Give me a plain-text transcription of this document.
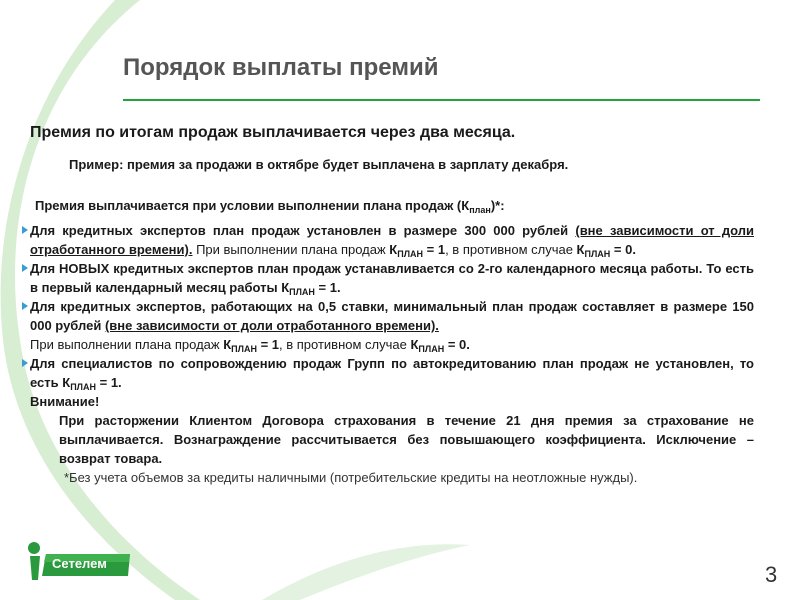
Порядок выплаты премий
Премия по итогам продаж выплачивается через два месяца.
Пример: премия за продажи в октябре будет выплачена в зарплату декабря.
Премия выплачивается при условии выполнении плана продаж $(К_{план})*$:
Для кредитных экспертов план продаж установлен в размере 300 000 рублей (вне зависимости от доли отработанного времени). При выполнении плана продаж $К_{ПЛАН} = 1$, в противном случае $К_{ПЛАН} = 0$.
Для НОВЫХ кредитных экспертов план продаж устанавливается со 2-го календарного месяца работы. То есть в первый календарный месяц работы $К_{ПЛАН} = 1$.
Для кредитных экспертов, работающих на 0,5 ставки, минимальный план продаж составляет в размере 150 000 рублей (вне зависимости от доли отработанного времени).
При выполнении плана продаж $К_{ПЛАН} = 1$, в противном случае $К_{ПЛАН} = 0$.
Для специалистов по сопровождению продаж Групп по автокредитованию план продаж не установлен, то есть $К_{ПЛАН} = 1$.
Внимание!
При расторжении Клиентом Договора страхования в течение 21 дня премия за страхование не выплачивается. Вознаграждение рассчитывается без повышающего коэффициента. Исключение – возврат товара.
*Без учета объемов за кредиты наличными (потребительские кредиты на неотложные нужды).
Сетелем	3
